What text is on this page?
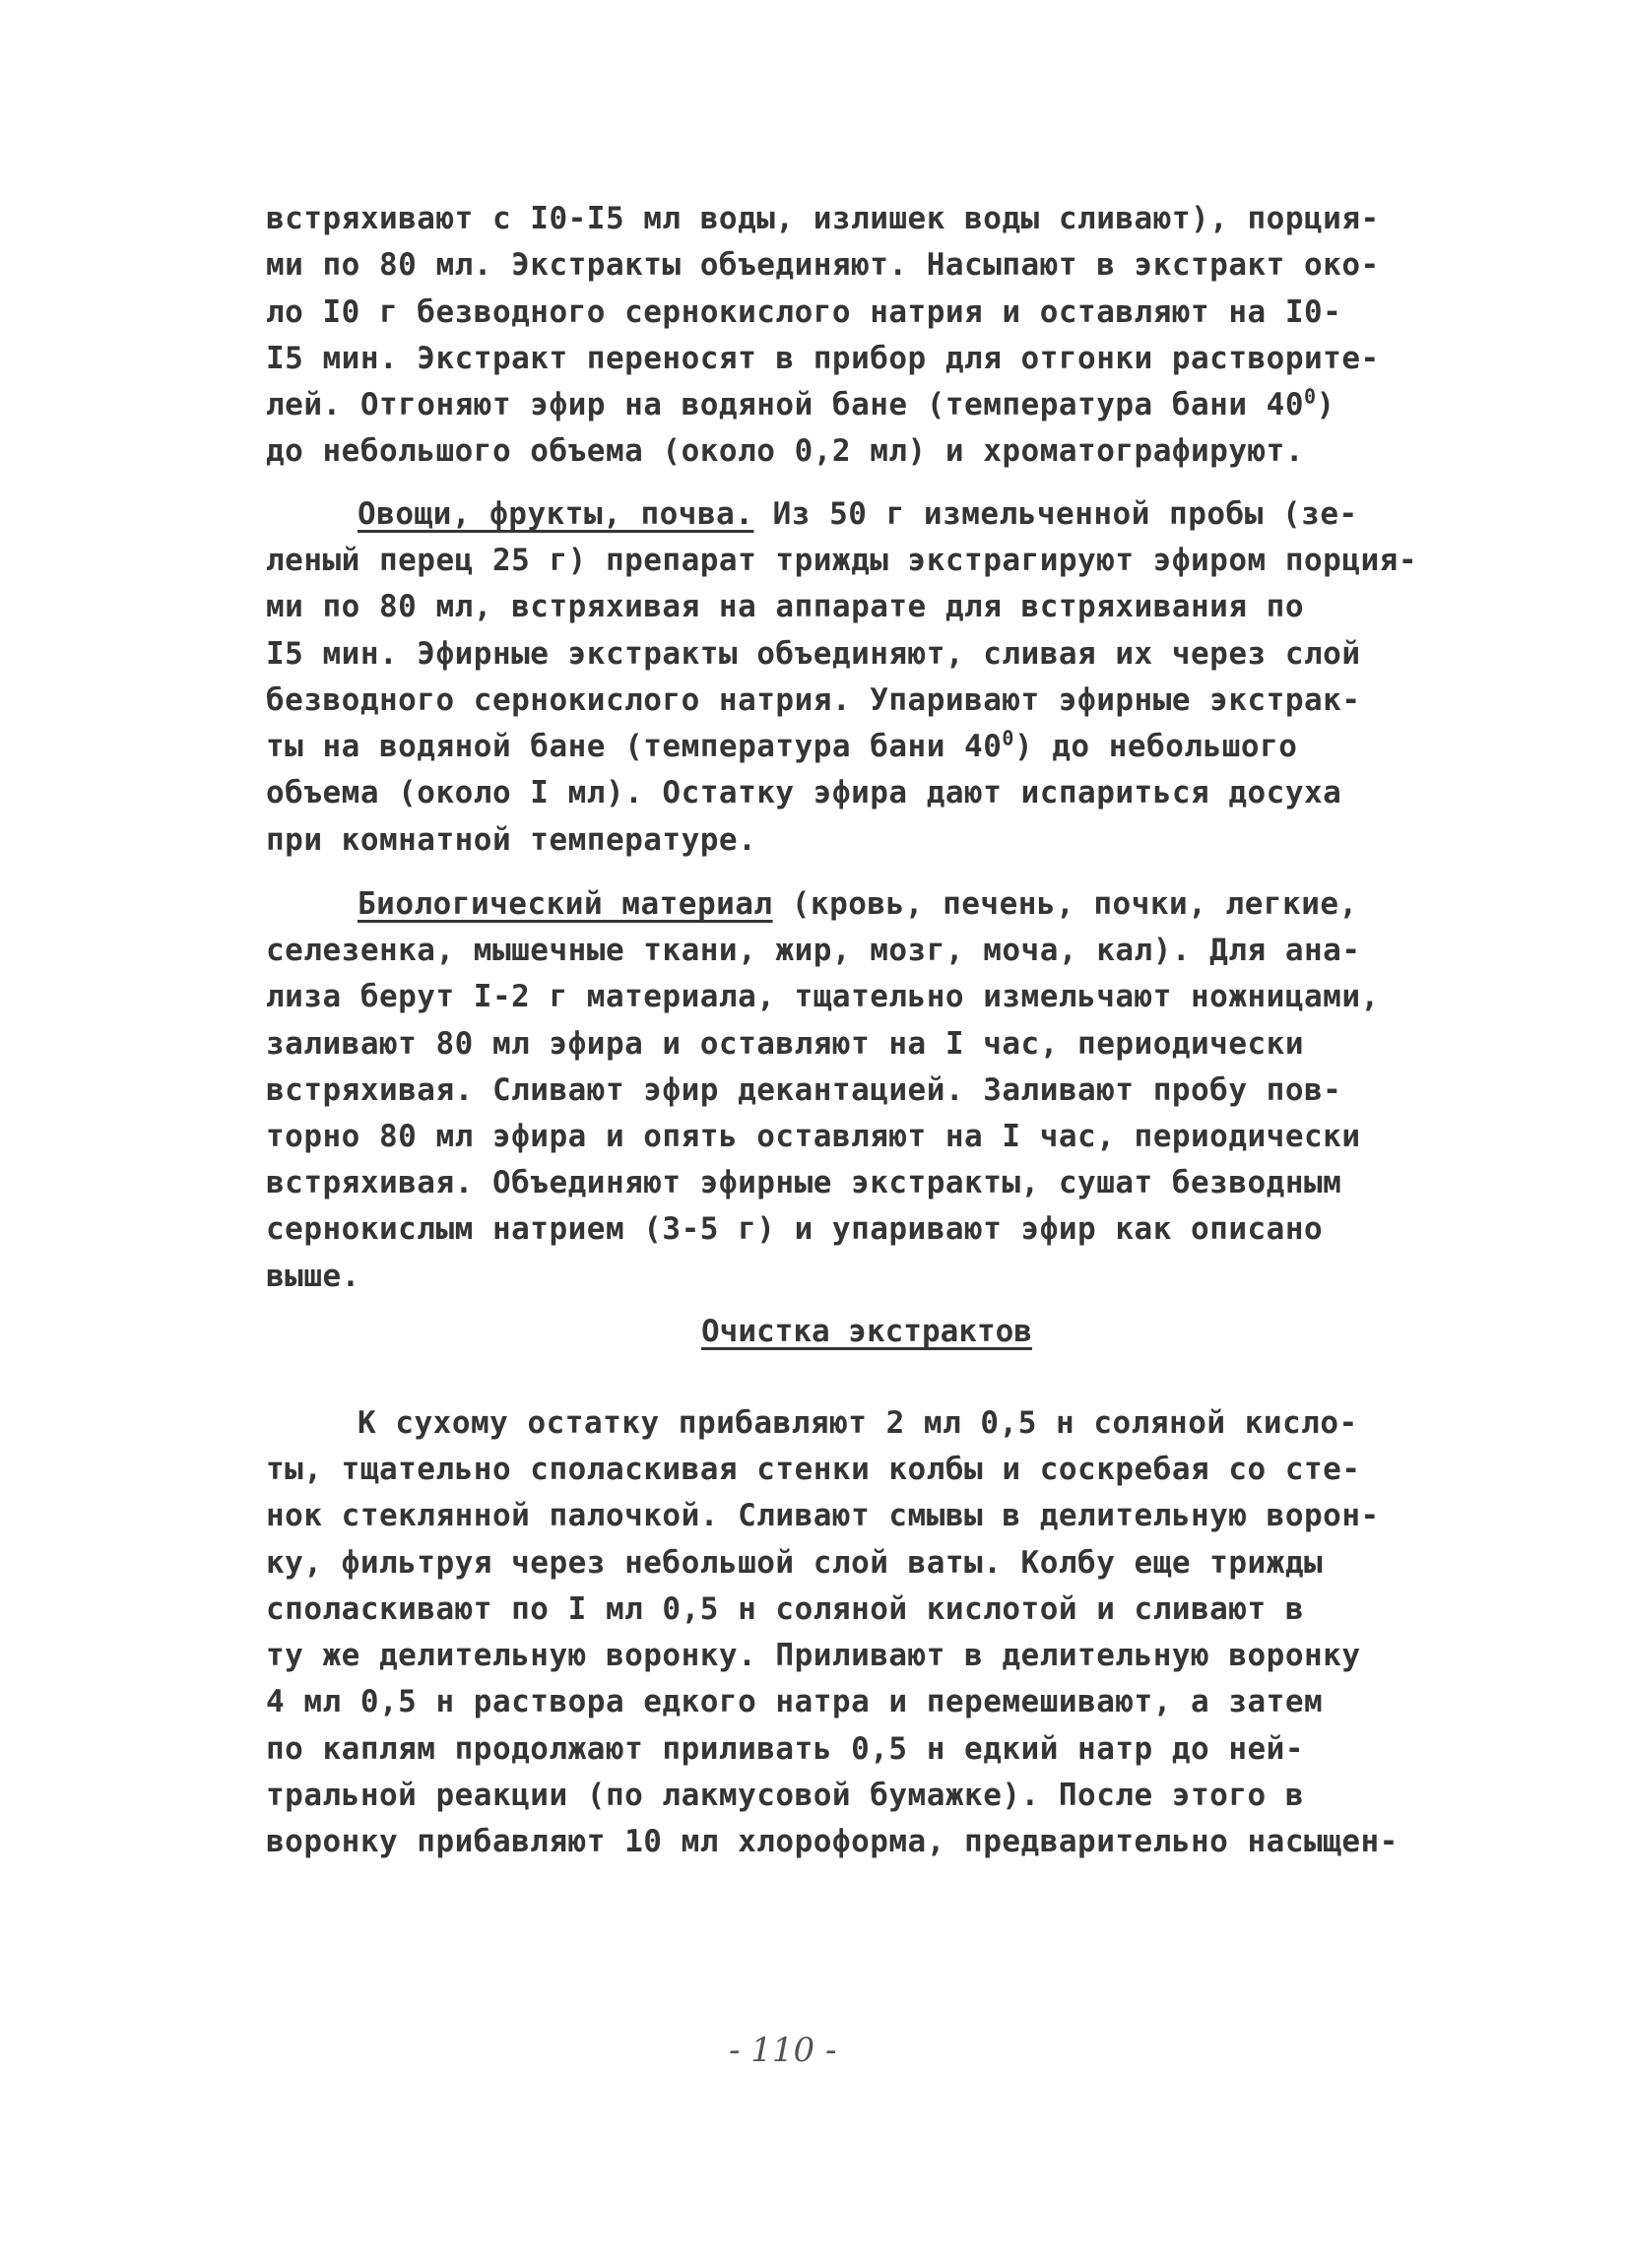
встряхивают с I0-I5 мл воды, излишек воды сливают), порция-
ми по 80 мл. Экстракты объединяют. Насыпают в экстракт око-
ло I0 г безводного сернокислого натрия и оставляют на I0-
I5 мин. Экстракт переносят в прибор для отгонки растворите-
лей. Отгоняют эфир на водяной бане (температура бани $40^0$)
до небольшого объема (около 0,2 мл) и хроматографируют.
Овощи, фрукты, почва. Из 50 г измельченной пробы (зе-
леный перец 25 г) препарат трижды экстрагируют эфиром порция-
ми по 80 мл, встряхивая на аппарате для встряхивания по
I5 мин. Эфирные экстракты объединяют, сливая их через слой
безводного сернокислого натрия. Упаривают эфирные экстрак-
ты на водяной бане (температура бани $40^0$) до небольшого
объема (около I мл). Остатку эфира дают испариться досуха
при комнатной температуре.
Биологический материал (кровь, печень, почки, легкие,
селезенка, мышечные ткани, жир, мозг, моча, кал). Для ана-
лиза берут I-2 г материала, тщательно измельчают ножницами,
заливают 80 мл эфира и оставляют на I час, периодически
встряхивая. Сливают эфир декантацией. Заливают пробу пов-
торно 80 мл эфира и опять оставляют на I час, периодически
встряхивая. Объединяют эфирные экстракты, сушат безводным
сернокислым натрием (3-5 г) и упаривают эфир как описано
выше.
Очистка экстрактов
К сухому остатку прибавляют 2 мл 0,5 н соляной кисло-
ты, тщательно споласкивая стенки колбы и соскребая со сте-
нок стеклянной палочкой. Сливают смывы в делительную ворон-
ку, фильтруя через небольшой слой ваты. Колбу еще трижды
споласкивают по I мл 0,5 н соляной кислотой и сливают в
ту же делительную воронку. Приливают в делительную воронку
4 мл 0,5 н раствора едкого натра и перемешивают, а затем
по каплям продолжают приливать 0,5 н едкий натр до ней-
тральной реакции (по лакмусовой бумажке). После этого в
воронку прибавляют 10 мл хлороформа, предварительно насыщен-
- 110 -
